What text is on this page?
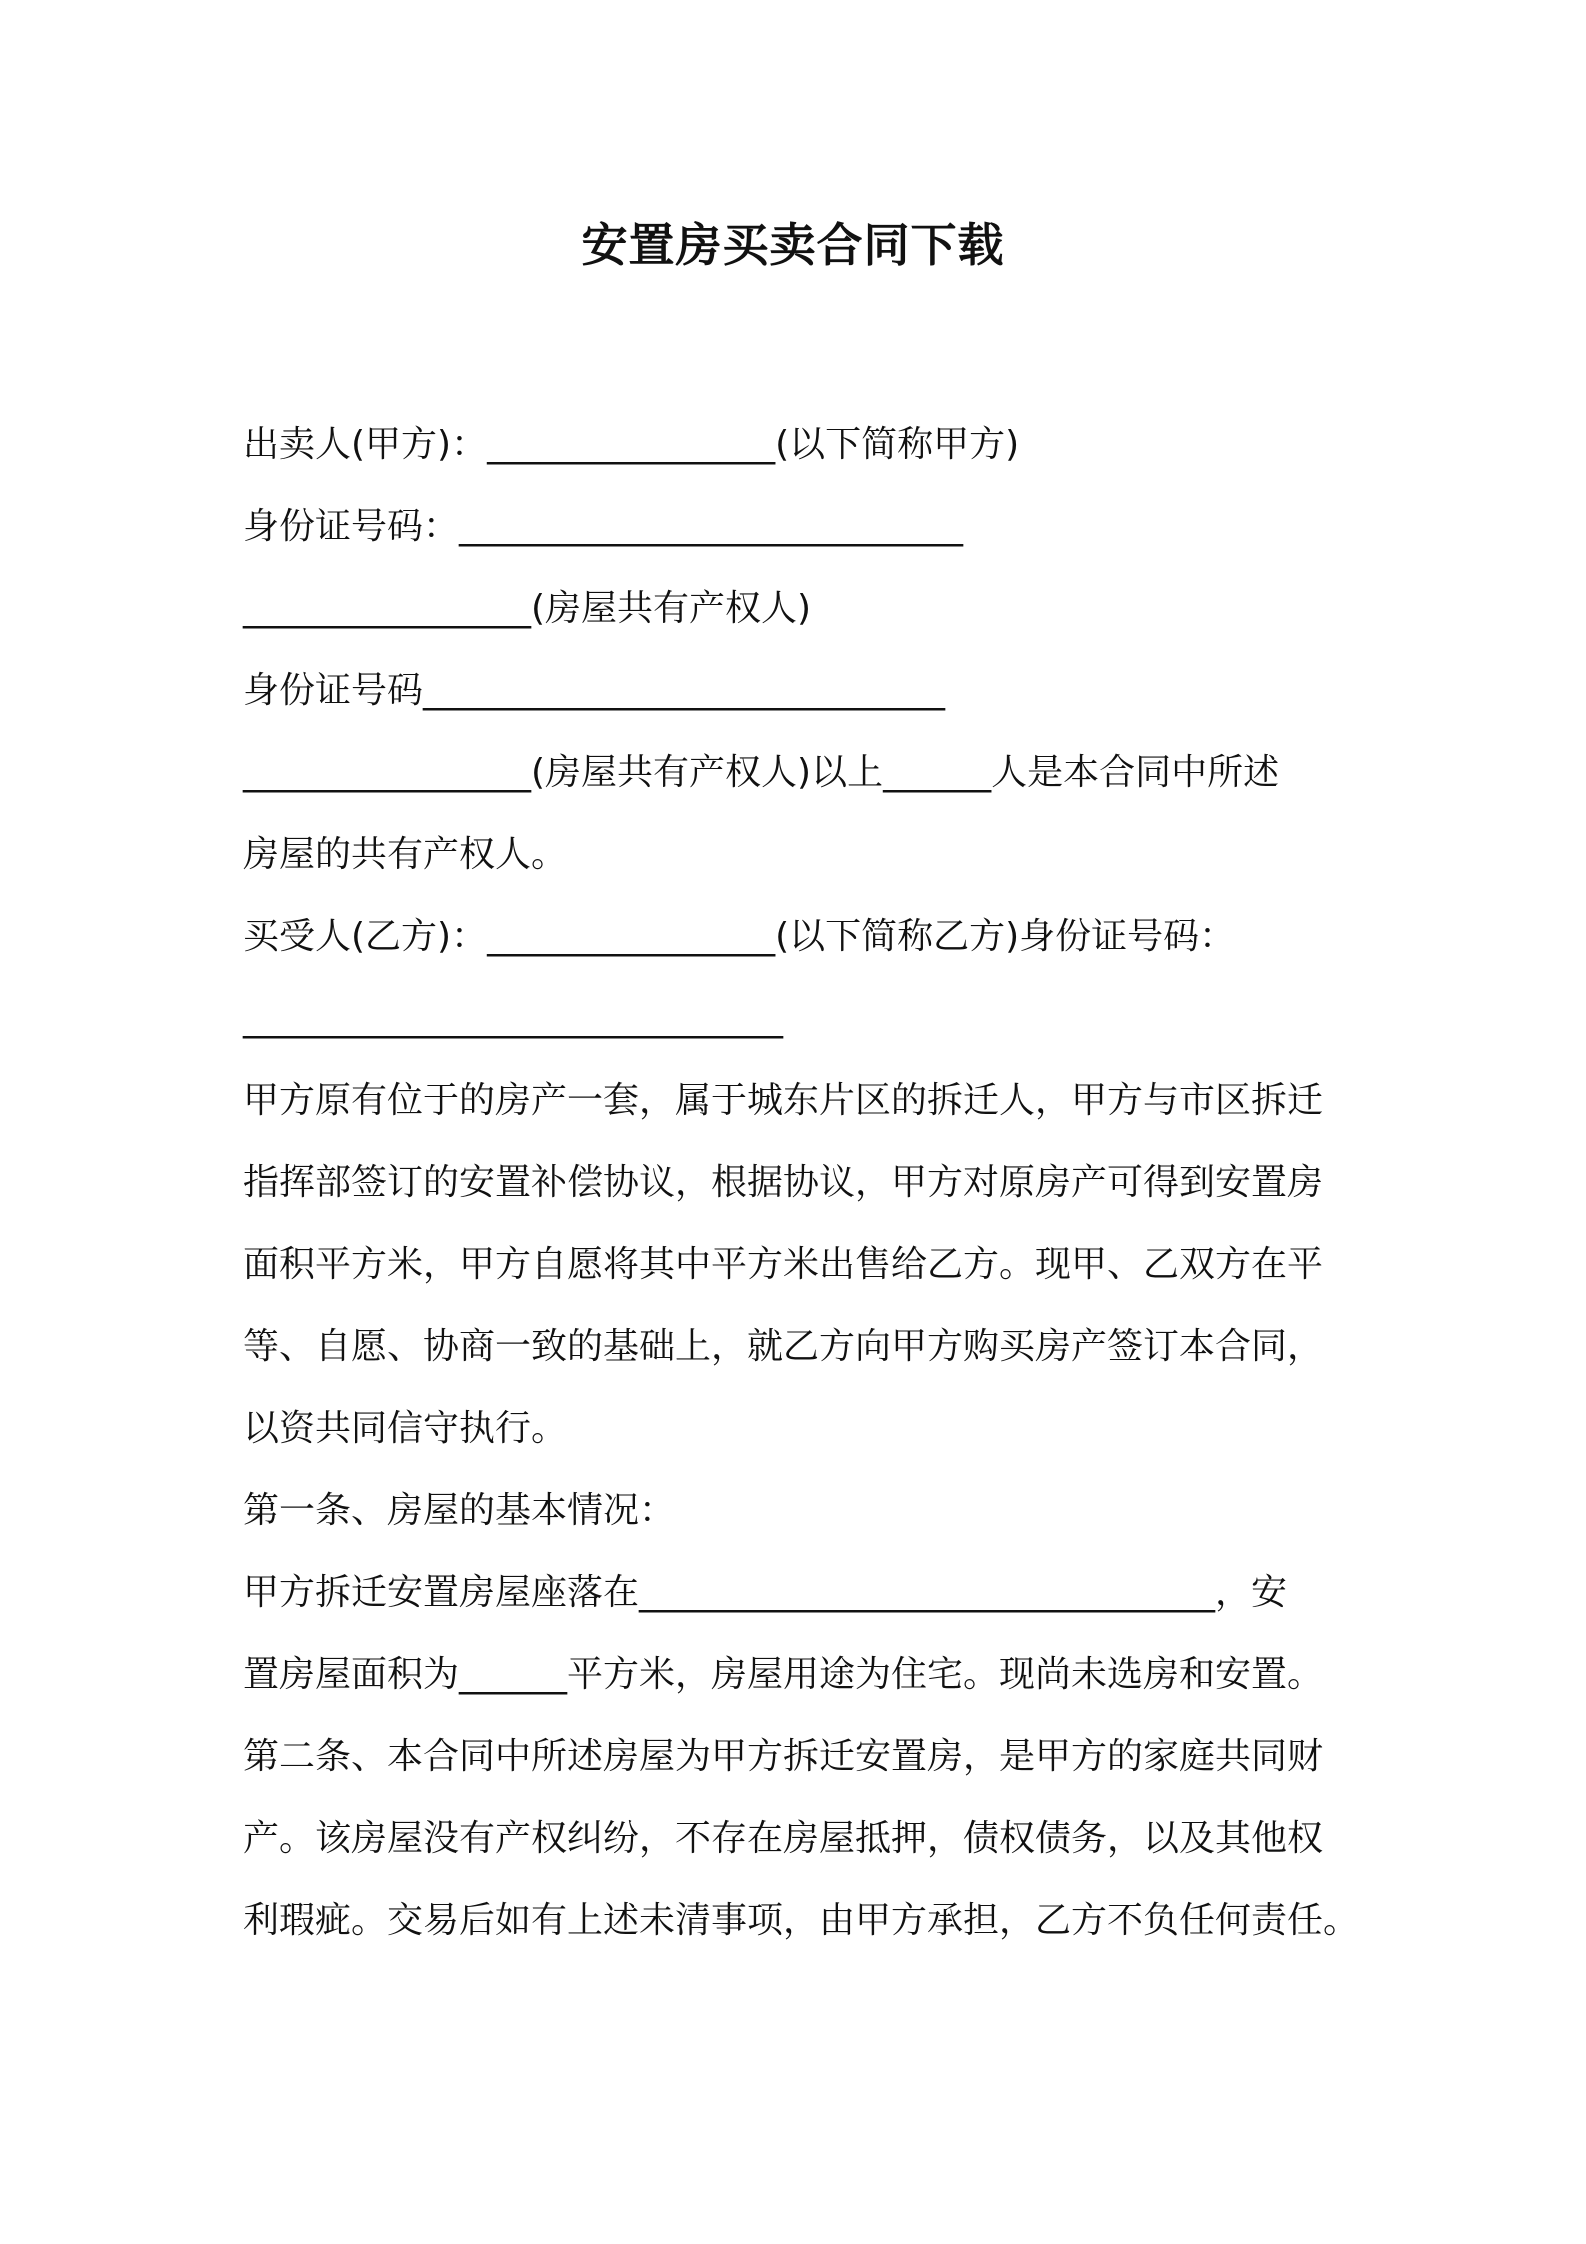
安置房买卖合同下载
出卖人(甲方)：________________(以下简称甲方)
身份证号码：____________________________
________________(房屋共有产权人)
身份证号码_____________________________
________________(房屋共有产权人)以上______人是本合同中所述
房屋的共有产权人。
买受人(乙方)：________________(以下简称乙方)身份证号码：
______________________________
甲方原有位于的房产一套，属于城东片区的拆迁人，甲方与市区拆迁
指挥部签订的安置补偿协议，根据协议，甲方对原房产可得到安置房
面积平方米，甲方自愿将其中平方米出售给乙方。现甲、乙双方在平
等、自愿、协商一致的基础上，就乙方向甲方购买房产签订本合同，
以资共同信守执行。
第一条、房屋的基本情况：
甲方拆迁安置房屋座落在________________________________，安
置房屋面积为______平方米，房屋用途为住宅。现尚未选房和安置。
第二条、本合同中所述房屋为甲方拆迁安置房，是甲方的家庭共同财
产。该房屋没有产权纠纷，不存在房屋抵押，债权债务，以及其他权
利瑕疵。交易后如有上述未清事项，由甲方承担，乙方不负任何责任。
